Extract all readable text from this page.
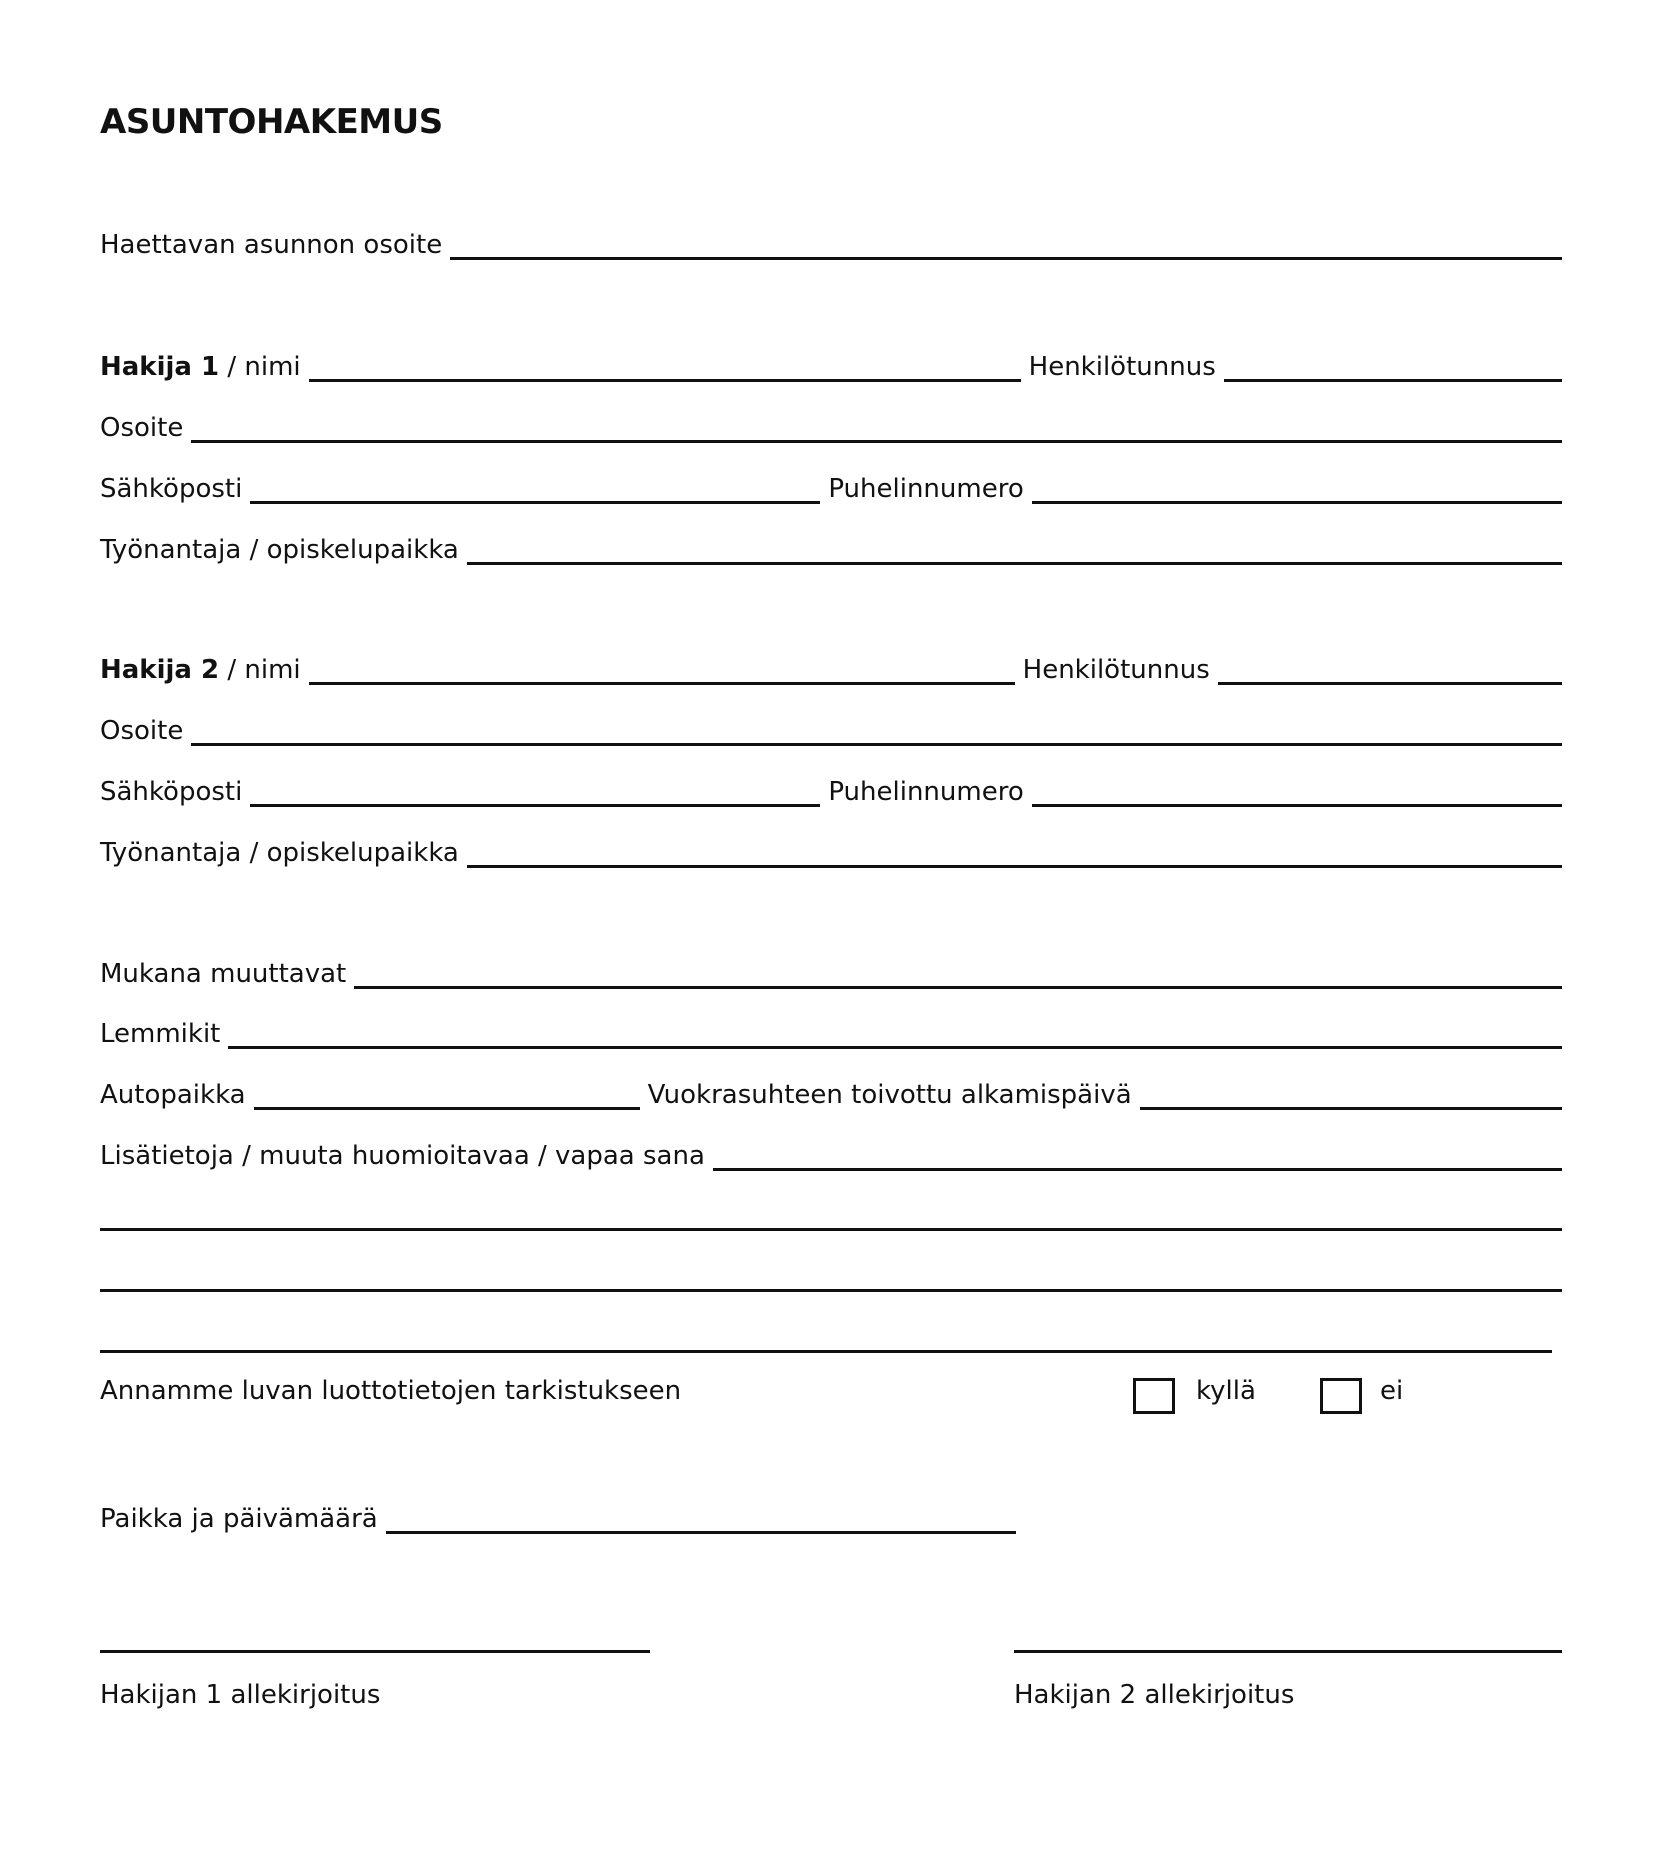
ASUNTOHAKEMUS
Haettavan asunnon osoite
Hakija 1 / nimi	Henkilötunnus
Osoite
Sähköposti	Puhelinnumero
Työnantaja / opiskelupaikka
Hakija 2 / nimi	Henkilötunnus
Osoite
Sähköposti	Puhelinnumero
Työnantaja / opiskelupaikka
Mukana muuttavat
Lemmikit
Autopaikka	Vuokrasuhteen toivottu alkamispäivä
Lisätietoja / muuta huomioitavaa / vapaa sana
Annamme luvan luottotietojen tarkistukseen	kyllä	ei
Paikka ja päivämäärä
Hakijan 1 allekirjoitus	Hakijan 2 allekirjoitus
